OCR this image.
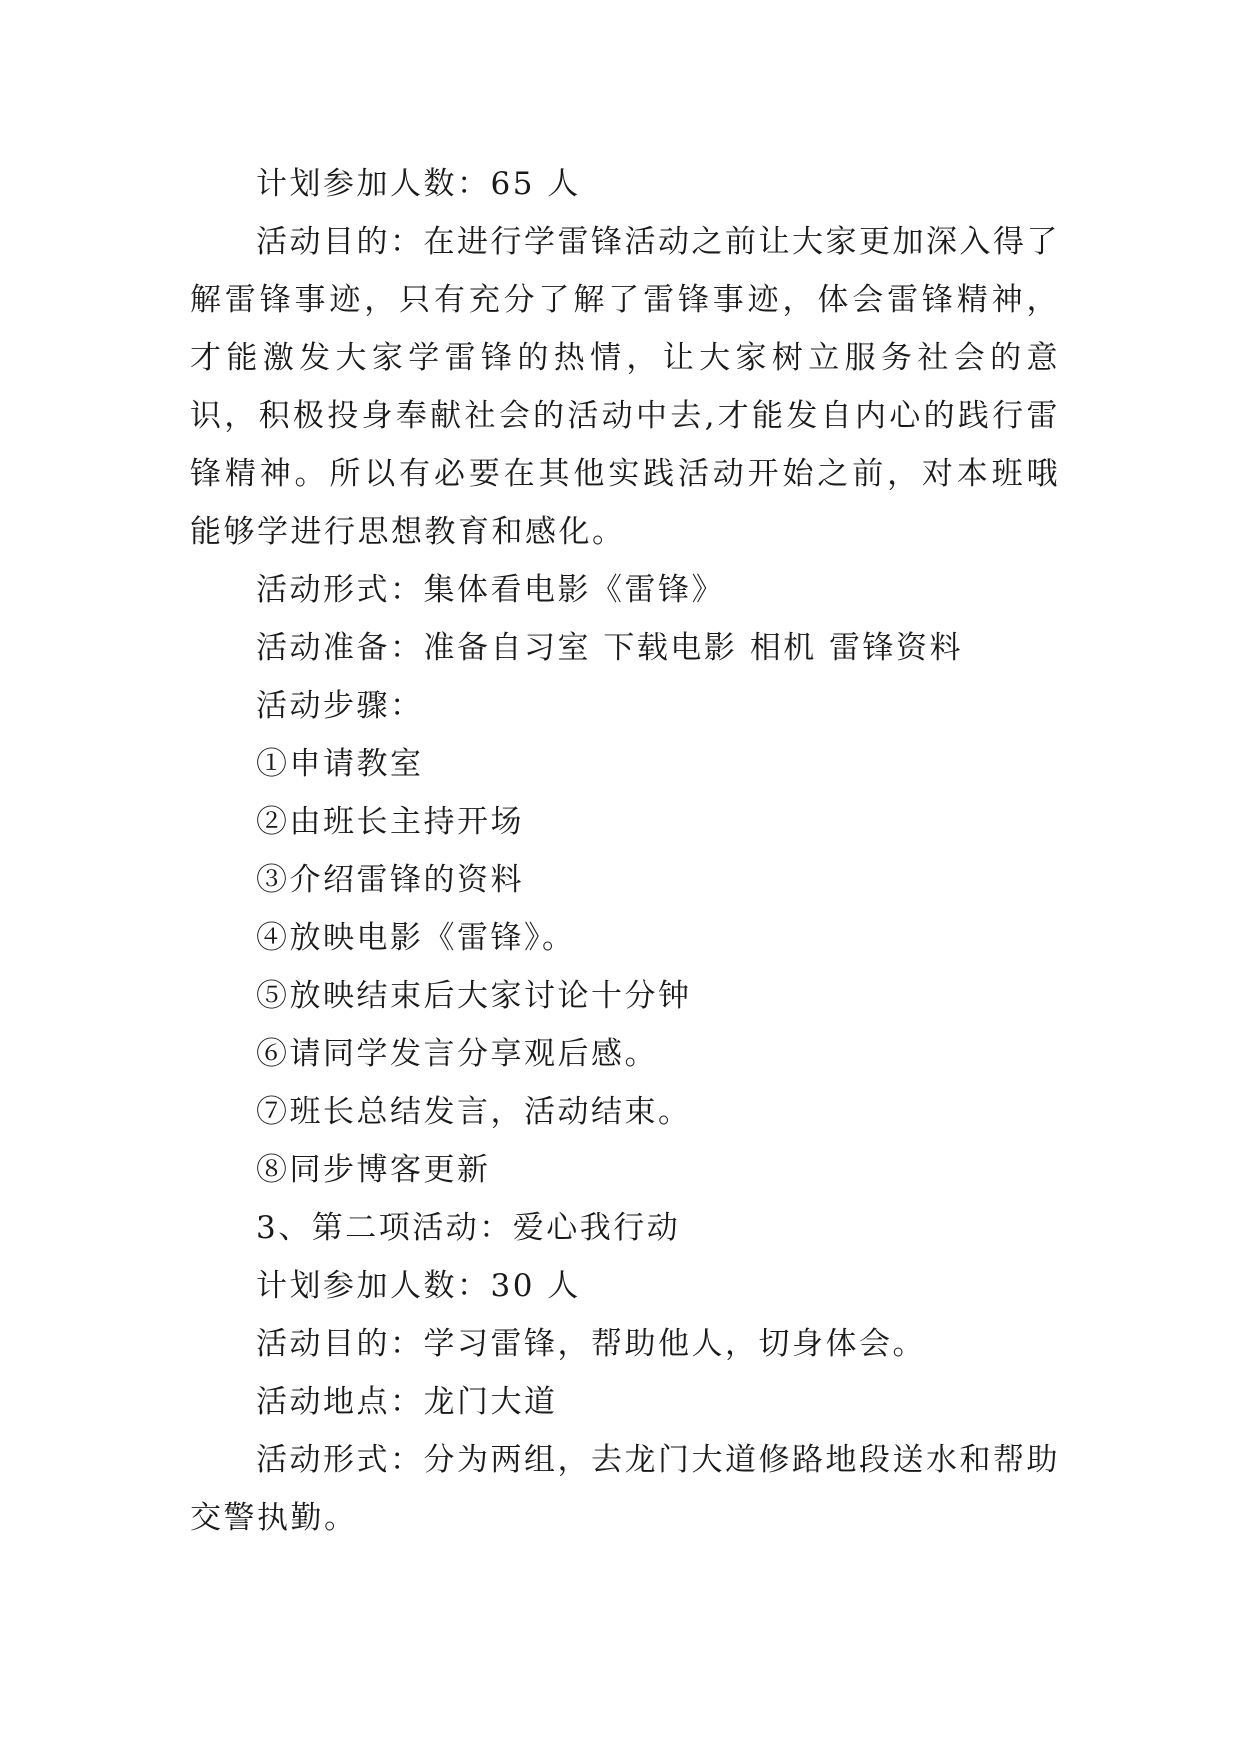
计划参加人数：65 人

活动目的：在进行学雷锋活动之前让大家更加深入得了解雷锋事迹，只有充分了解了雷锋事迹，体会雷锋精神，才能激发大家学雷锋的热情，让大家树立服务社会的意识，积极投身奉献社会的活动中去,才能发自内心的践行雷锋精神。所以有必要在其他实践活动开始之前，对本班哦能够学进行思想教育和感化。

活动形式：集体看电影《雷锋》

活动准备：准备自习室 下载电影 相机 雷锋资料

活动步骤：

①申请教室

②由班长主持开场

③介绍雷锋的资料

④放映电影《雷锋》。

⑤放映结束后大家讨论十分钟

⑥请同学发言分享观后感。

⑦班长总结发言，活动结束。

⑧同步博客更新

3、第二项活动：爱心我行动

计划参加人数：30 人

活动目的：学习雷锋，帮助他人，切身体会。

活动地点：龙门大道

活动形式：分为两组，去龙门大道修路地段送水和帮助交警执勤。
